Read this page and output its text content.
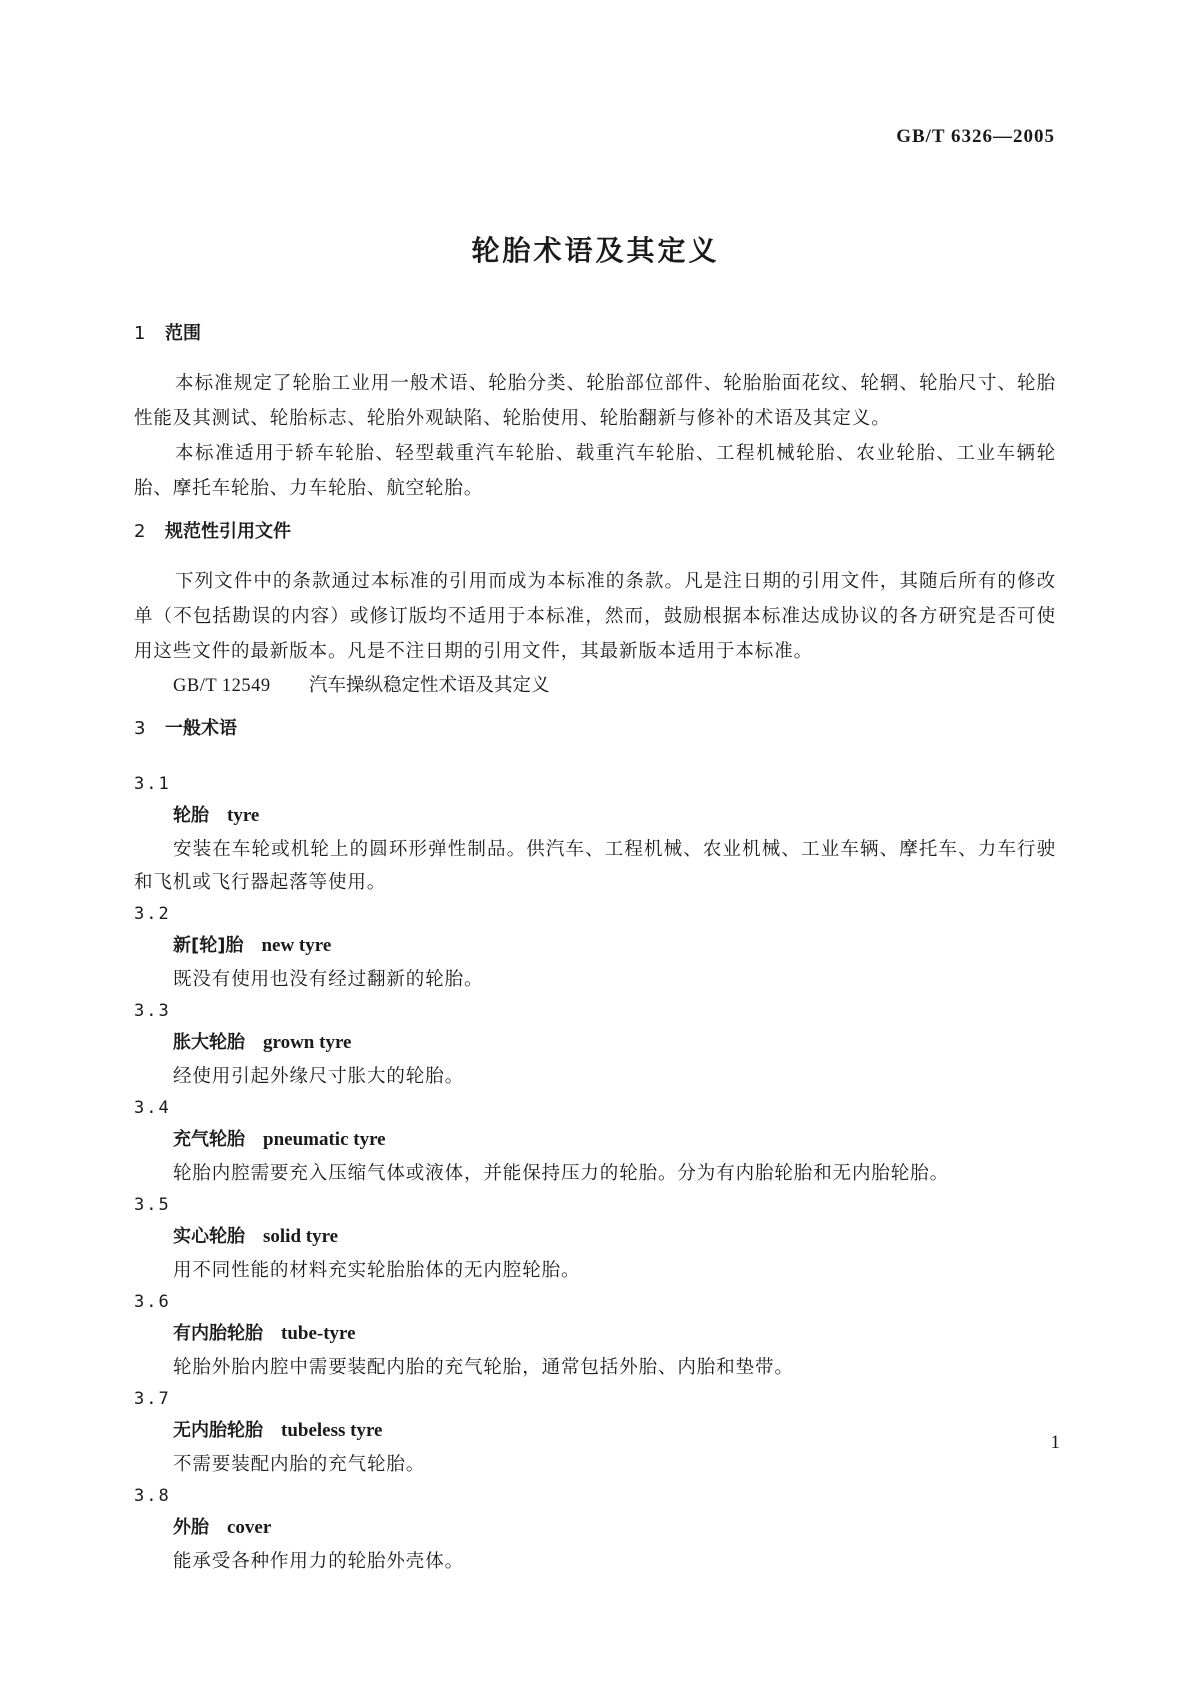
GB/T 6326—2005
轮胎术语及其定义
1 范围

本标准规定了轮胎工业用一般术语、轮胎分类、轮胎部位部件、轮胎胎面花纹、轮辋、轮胎尺寸、轮胎性能及其测试、轮胎标志、轮胎外观缺陷、轮胎使用、轮胎翻新与修补的术语及其定义。

本标准适用于轿车轮胎、轻型载重汽车轮胎、载重汽车轮胎、工程机械轮胎、农业轮胎、工业车辆轮胎、摩托车轮胎、力车轮胎、航空轮胎。

2 规范性引用文件

下列文件中的条款通过本标准的引用而成为本标准的条款。凡是注日期的引用文件，其随后所有的修改单（不包括勘误的内容）或修订版均不适用于本标准，然而，鼓励根据本标准达成协议的各方研究是否可使用这些文件的最新版本。凡是不注日期的引用文件，其最新版本适用于本标准。

GB/T 12549 汽车操纵稳定性术语及其定义
3 一般术语
3.1
轮胎 tyre

安装在车轮或机轮上的圆环形弹性制品。供汽车、工程机械、农业机械、工业车辆、摩托车、力车行驶和飞机或飞行器起落等使用。

3.2
新[轮]胎 new tyre

既没有使用也没有经过翻新的轮胎。

3.3
胀大轮胎 grown tyre

经使用引起外缘尺寸胀大的轮胎。

3.4
充气轮胎 pneumatic tyre

轮胎内腔需要充入压缩气体或液体，并能保持压力的轮胎。分为有内胎轮胎和无内胎轮胎。

3.5
实心轮胎 solid tyre

用不同性能的材料充实轮胎胎体的无内腔轮胎。

3.6
有内胎轮胎 tube-tyre

轮胎外胎内腔中需要装配内胎的充气轮胎，通常包括外胎、内胎和垫带。

3.7
无内胎轮胎 tubeless tyre

不需要装配内胎的充气轮胎。

3.8
外胎 cover

能承受各种作用力的轮胎外壳体。

1
